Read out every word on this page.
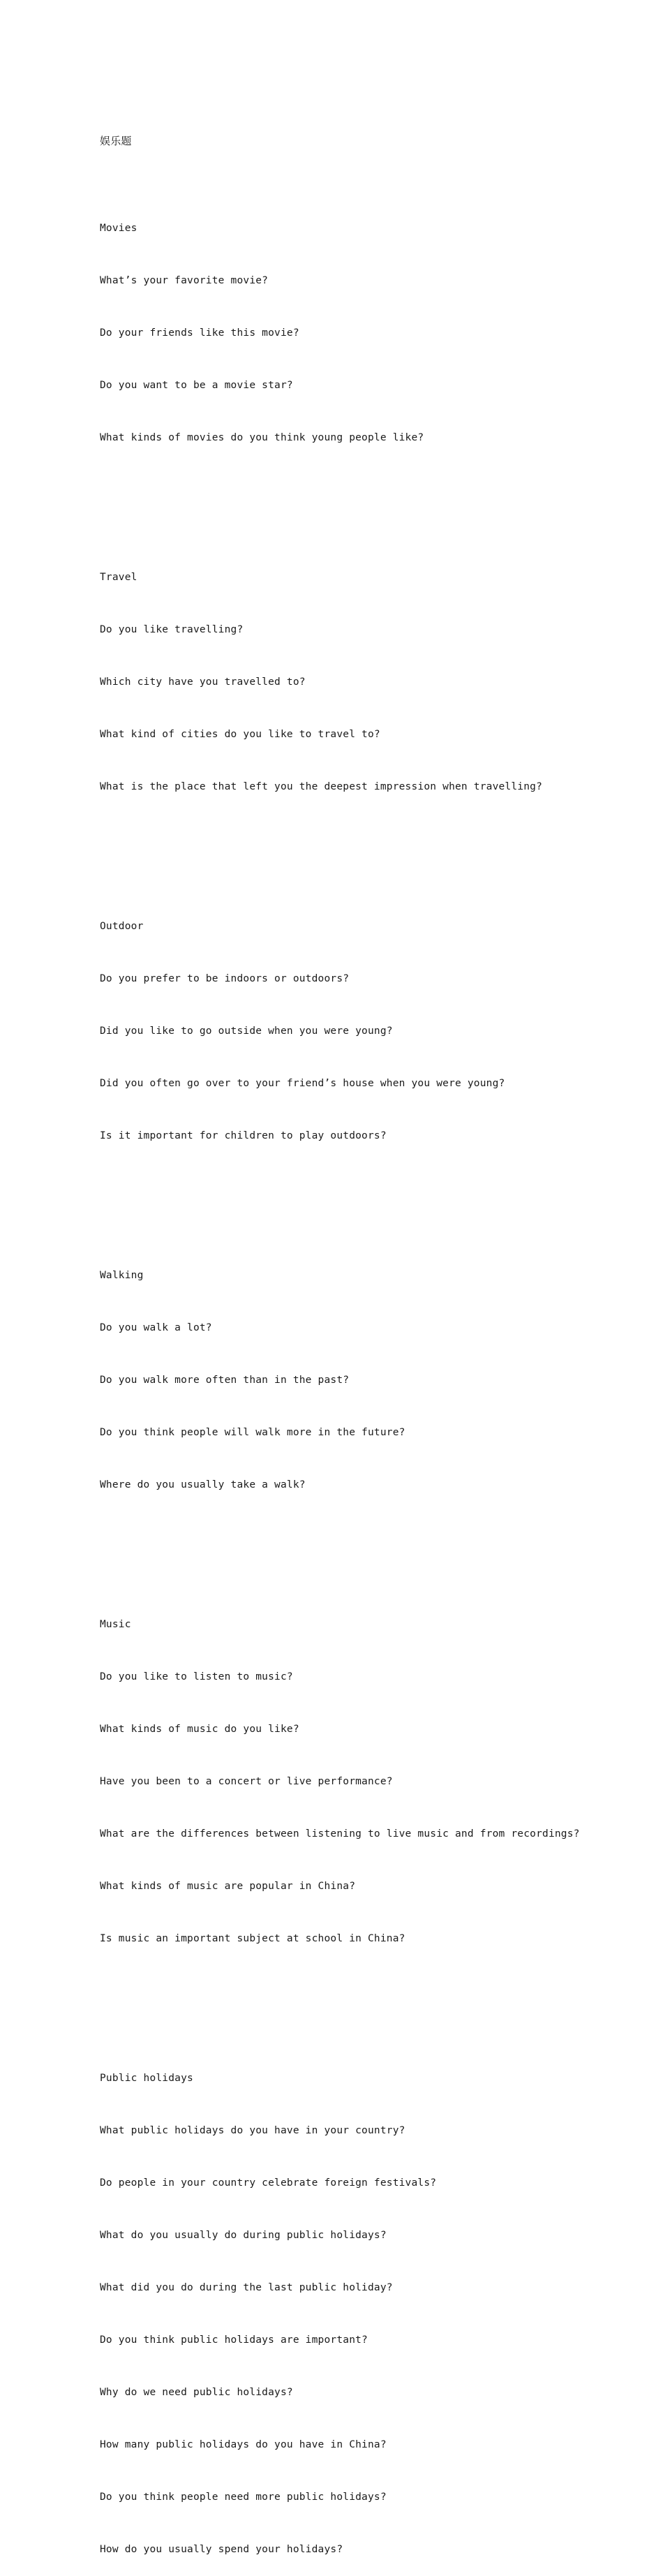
娱乐题

Movies

What’s your favorite movie?

Do your friends like this movie?

Do you want to be a movie star?

What kinds of movies do you think young people like?

Travel

Do you like travelling?

Which city have you travelled to?

What kind of cities do you like to travel to?

What is the place that left you the deepest impression when travelling?

Outdoor

Do you prefer to be indoors or outdoors?

Did you like to go outside when you were young?

Did you often go over to your friend’s house when you were young?

Is it important for children to play outdoors?

Walking

Do you walk a lot?

Do you walk more often than in the past?

Do you think people will walk more in the future?

Where do you usually take a walk?

Music

Do you like to listen to music?

What kinds of music do you like?

Have you been to a concert or live performance?

What are the differences between listening to live music and from recordings?

What kinds of music are popular in China?

Is music an important subject at school in China?

Public holidays

What public holidays do you have in your country?

Do people in your country celebrate foreign festivals?

What do you usually do during public holidays?

What did you do during the last public holiday?

Do you think public holidays are important?

Why do we need public holidays?

How many public holidays do you have in China?

Do you think people need more public holidays?

How do you usually spend your holidays?
